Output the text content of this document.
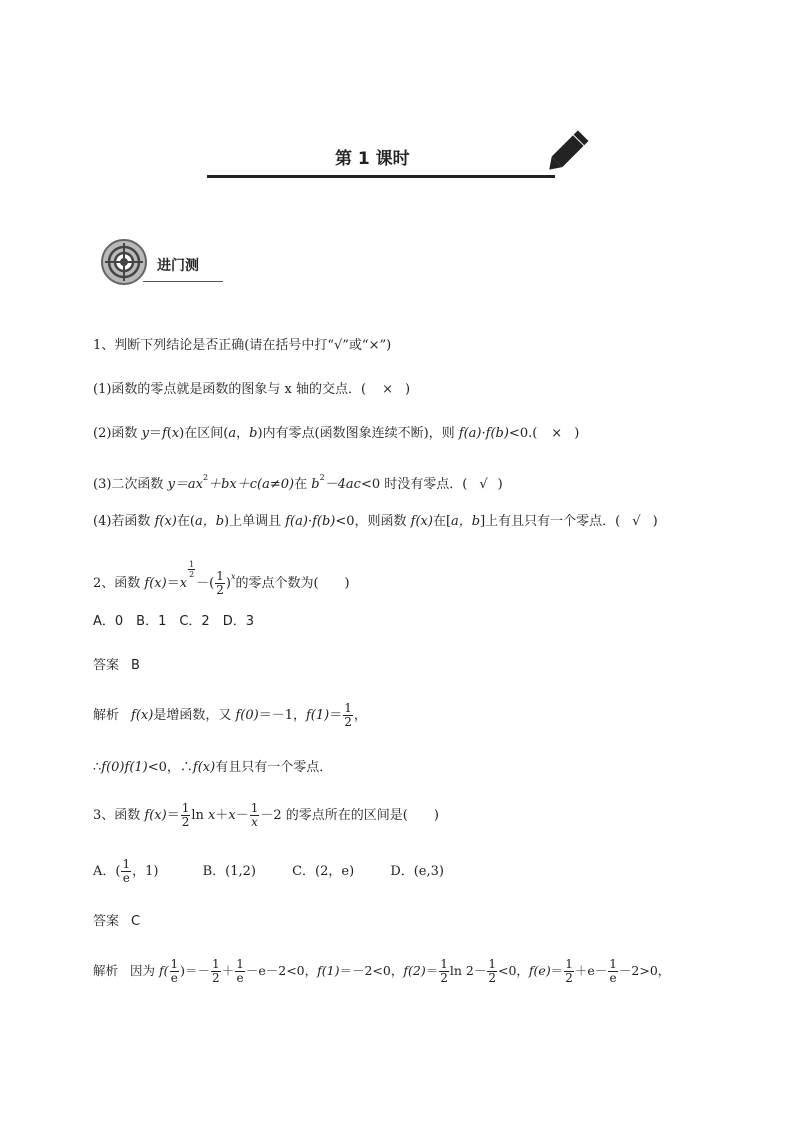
第 1 课时
进门测
1、判断下列结论是否正确(请在括号中打“√”或“×”)
(1)函数的零点就是函数的图象与 x 轴的交点．( × )
(2)函数 y＝f(x)在区间(a，b)内有零点(函数图象连续不断)，则 f(a)·f(b)<0.( × )
(3)二次函数 $y=ax^2+bx+c(a\ne 0)$在 $b^2-4ac<0$ 时没有零点．( √ )
(4)若函数 f(x)在(a，b)上单调且 f(a)·f(b)<0，则函数 f(x)在[a，b]上有且只有一个零点．( √ )
2、函数 f(x)＝x
$\frac{1}{2}$
－( $\frac{1}{2} )^x$的零点个数为(　　)
A．0　B．1　C．2　D．3
答案 B
解析 f(x)是增函数，又 f(0)＝－1，$f(1)= \frac{1}{2}$ ，
∴f(0)f(1)<0，∴f(x)有且只有一个零点．
3、函数 $f(x)= \frac{1}{2}$ $\ln x+x- \frac{1}{x} -2$ 的零点所在的区间是(　　)
A．( $\frac{1}{e}$ ，1)	B．(1,2)	C．(2，e)	D．(e,3)
答案 C
解析 因为 $f( \frac{1}{e}$ )＝－ $\frac{1}{2} + \frac{1}{e} -e-2<0$，f(1)＝－2<0，$f(2)= \frac{1}{2}$ $\ln 2- \frac{1}{2} <0$，$f(e)= \frac{1}{2} +e- \frac{1}{e} -2>0$，
